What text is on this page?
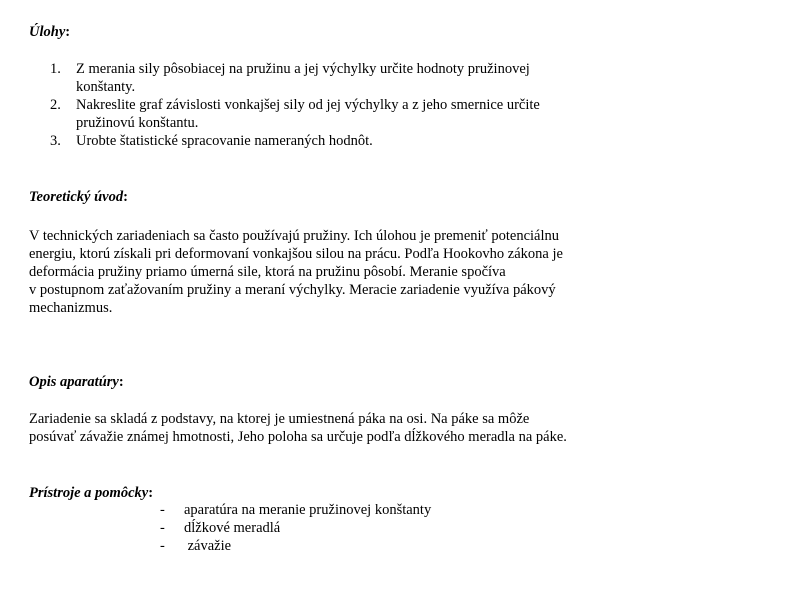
Úlohy:
1. Z merania sily pôsobiacej na pružinu a jej výchylky určite hodnoty pružinovej
konštanty.
2. Nakreslite graf závislosti vonkajšej sily od jej výchylky a z jeho smernice určite
pružinovú konštantu.
3. Urobte štatistické spracovanie nameraných hodnôt.
Teoretický úvod:
V technických zariadeniach sa často používajú pružiny. Ich úlohou je premeniť potenciálnu
energiu, ktorú získali pri deformovaní vonkajšou silou na prácu. Podľa Hookovho zákona je
deformácia pružiny priamo úmerná sile, ktorá na pružinu pôsobí. Meranie spočíva
v postupnom zaťažovaním pružiny a meraní výchylky. Meracie zariadenie využíva pákový
mechanizmus.
Opis aparatúry:
Zariadenie sa skladá z podstavy, na ktorej je umiestnená páka na osi. Na páke sa môže
posúvať závažie známej hmotnosti, Jeho poloha sa určuje podľa dĺžkového meradla na páke.
Prístroje a pomôcky:
- aparatúra na meranie pružinovej konštanty
- dĺžkové meradlá
- závažie
